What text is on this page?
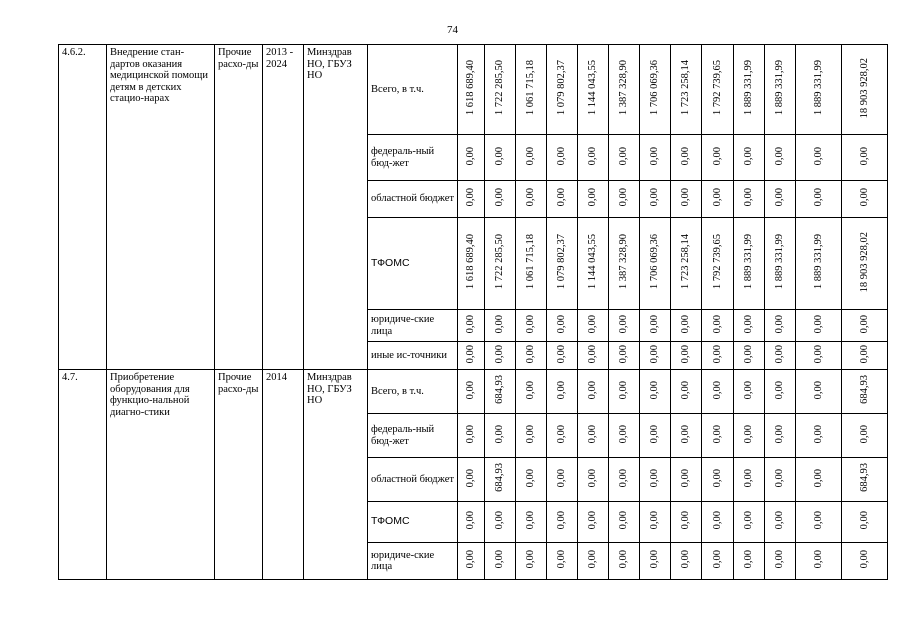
74
4.6.2.	Внедрение стан-дартов оказания медицинской помощи детям в детских стацио-нарах	Прочие расхо-ды	2013 - 2024	Минздрав НО, ГБУЗ НО	Всего, в т.ч.	1 618 689,40	1 722 285,50	1 061 715,18	1 079 802,37	1 144 043,55	1 387 328,90	1 706 069,36	1 723 258,14	1 792 739,65	1 889 331,99	1 889 331,99	1 889 331,99	18 903 928,02
					федераль-ный бюд-жет	0,00	0,00	0,00	0,00	0,00	0,00	0,00	0,00	0,00	0,00	0,00	0,00	0,00
					областной бюджет	0,00	0,00	0,00	0,00	0,00	0,00	0,00	0,00	0,00	0,00	0,00	0,00	0,00
					ТФОМС	1 618 689,40	1 722 285,50	1 061 715,18	1 079 802,37	1 144 043,55	1 387 328,90	1 706 069,36	1 723 258,14	1 792 739,65	1 889 331,99	1 889 331,99	1 889 331,99	18 903 928,02
					юридиче-ские лица	0,00	0,00	0,00	0,00	0,00	0,00	0,00	0,00	0,00	0,00	0,00	0,00	0,00
					иные ис-точники	0,00	0,00	0,00	0,00	0,00	0,00	0,00	0,00	0,00	0,00	0,00	0,00	0,00
4.7.	Приобретение оборудования для функцио-нальной диагно-стики	Прочие расхо-ды	2014	Минздрав НО, ГБУЗ НО	Всего, в т.ч.	0,00	684,93	0,00	0,00	0,00	0,00	0,00	0,00	0,00	0,00	0,00	0,00	684,93
					федераль-ный бюд-жет	0,00	0,00	0,00	0,00	0,00	0,00	0,00	0,00	0,00	0,00	0,00	0,00	0,00
					областной бюджет	0,00	684,93	0,00	0,00	0,00	0,00	0,00	0,00	0,00	0,00	0,00	0,00	684,93
					ТФОМС	0,00	0,00	0,00	0,00	0,00	0,00	0,00	0,00	0,00	0,00	0,00	0,00	0,00
					юридиче-ские лица	0,00	0,00	0,00	0,00	0,00	0,00	0,00	0,00	0,00	0,00	0,00	0,00	0,00
